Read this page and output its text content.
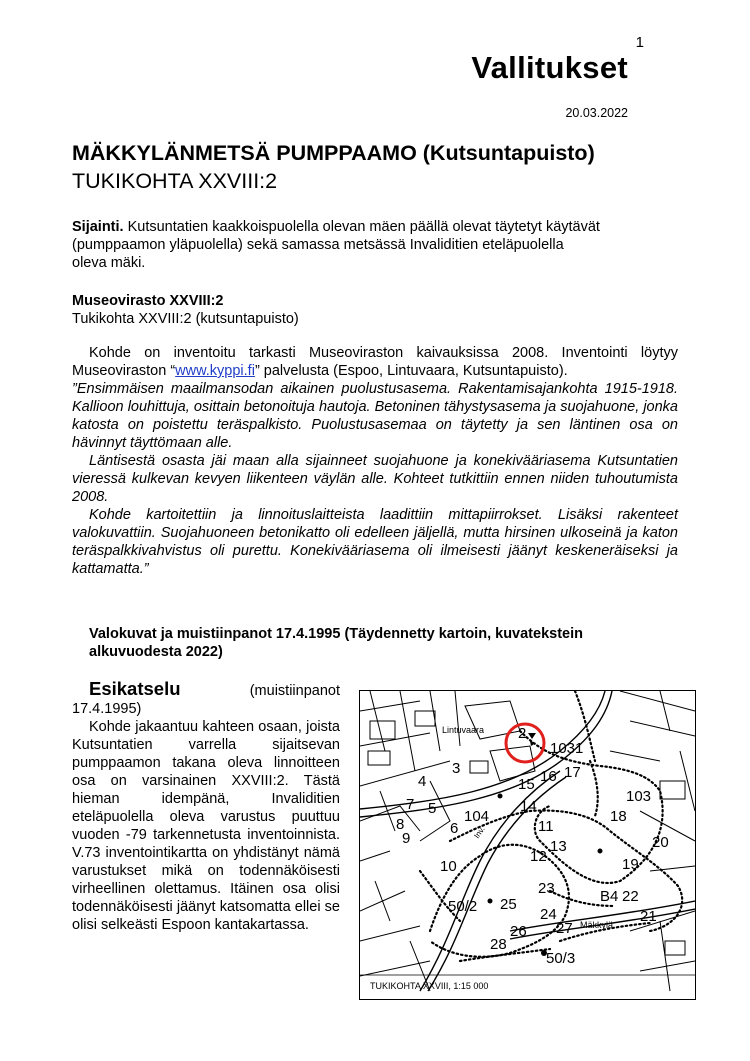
1
Vallitukset
20.03.2022
MÄKKYLÄNMETSÄ PUMPPAAMO (Kutsuntapuisto)
TUKIKOHTA XXVIII:2
Sijainti. Kutsuntatien kaakkoispuolella olevan mäen päällä olevat täytetyt käytävät
(pumppaamon yläpuolella) sekä samassa metsässä Invaliditien eteläpuolella
oleva mäki.
Museovirasto XXVIII:2
Tukikohta XXVIII:2 (kutsuntapuisto)

Kohde on inventoitu tarkasti Museoviraston kaivauksissa 2008. Inventointi löytyy Museoviraston “www.kyppi.fi” palvelusta (Espoo, Lintuvaara, Kutsuntapuisto).

”Ensimmäisen maailmansodan aikainen puolustusasema. Rakentamisajankohta 1915-1918. Kallioon louhittuja, osittain betonoituja hautoja. Betoninen tähystysasema ja suojahuone, jonka katosta on poistettu teräspalkisto. Puolustusasemaa on täytetty ja sen läntinen osa on hävinnyt täyttömaan alle.

Läntisestä osasta jäi maan alla sijainneet suojahuone ja konekivääriasema Kutsuntatien vieressä kulkevan kevyen liikenteen väylän alle. Kohteet tutkittiin ennen niiden tuhoutumista 2008.

Kohde kartoitettiin ja linnoituslaitteista laadittiin mittapiirrokset. Lisäksi rakenteet valokuvattiin. Suojahuoneen betonikatto oli edelleen jäljellä, mutta hirsinen ulkoseinä ja katon teräspalkkivahvistus oli purettu. Konekivääriasema oli ilmeisesti jäänyt keskeneräiseksi ja kattamatta.”

Valokuvat ja muistiinpanot 17.4.1995 (Täydennetty kartoin, kuvatekstein alkuvuodesta 2022)
Esikatselu (muistiinpanot 17.4.1995)
Kohde jakaantuu kahteen osaan, joista Kutsuntatien varrella sijaitsevan pumppaamon takana oleva linnoitteen osa on varsinainen XXVIII:2. Tästä hieman idempänä, Invaliditien eteläpuolella oleva varustus puuttuu vuoden -79 tarkennetusta inventoinnista. V.73 inventointikartta on yhdistänyt nämä varustukset mikä on todennäköisesti virheellinen olettamus. Itäinen osa olisi todennäköisesti jäänyt katsomatta ellei se olisi selkeästi Espoon kantakartassa.
Lintuvaara
Mäkkylä
Inv.
2
1031
3
4	15 16 17
103
7 5 104
14
18
8
9
6	11
12
13
19
20
10
23	B4 22
50/2 25
24	21
26 27
28
50/3
TUKIKOHTA XXVIII, 1:15 000
